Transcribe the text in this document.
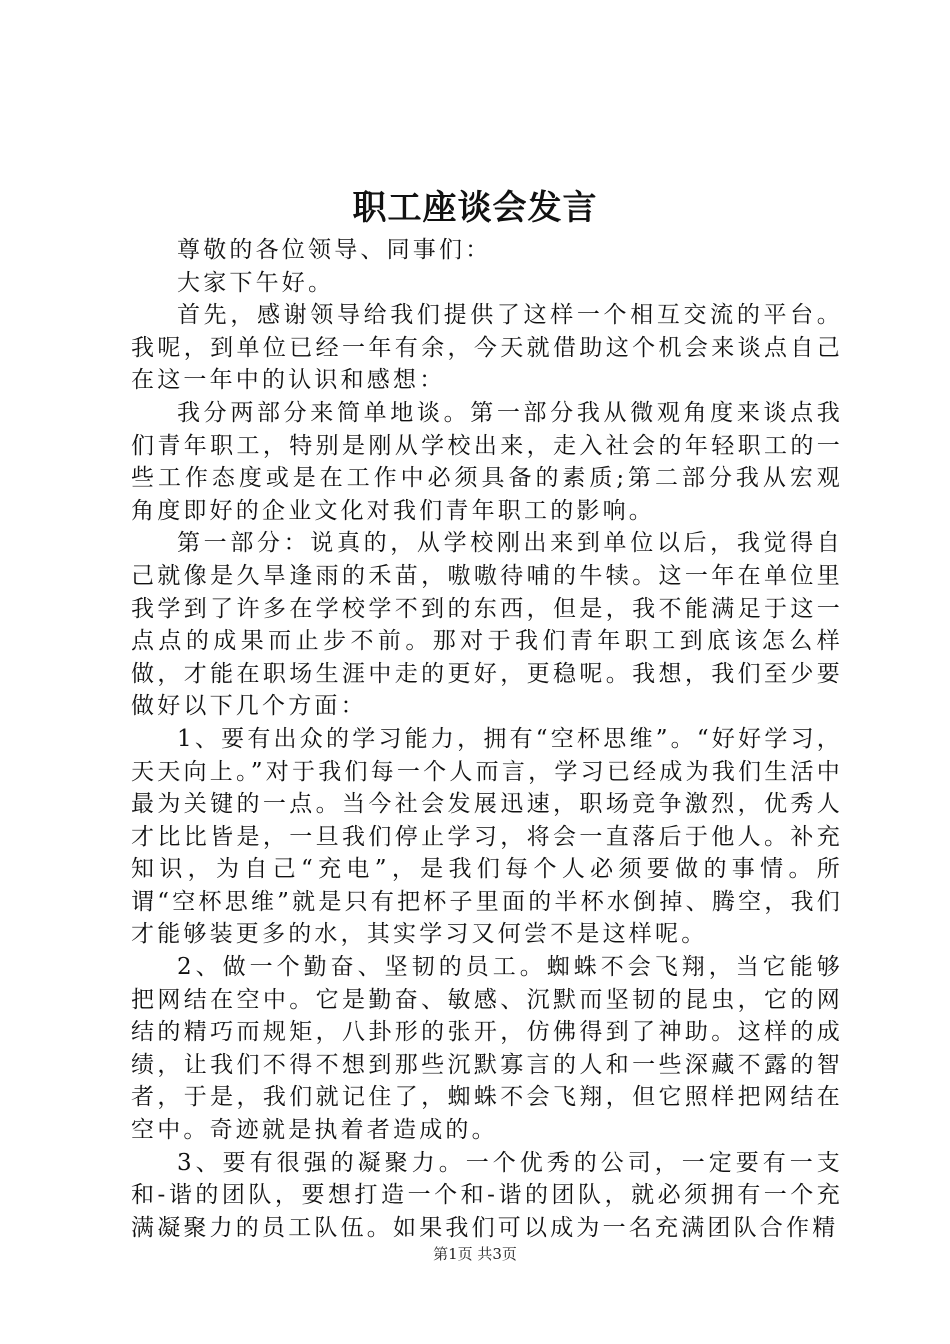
职工座谈会发言

尊敬的各位领导、同事们：

大家下午好。

首先，感谢领导给我们提供了这样一个相互交流的平台。我呢，到单位已经一年有余，今天就借助这个机会来谈点自己在这一年中的认识和感想：

我分两部分来简单地谈。第一部分我从微观角度来谈点我们青年职工，特别是刚从学校出来，走入社会的年轻职工的一些工作态度或是在工作中必须具备的素质;第二部分我从宏观角度即好的企业文化对我们青年职工的影响。

第一部分：说真的，从学校刚出来到单位以后，我觉得自己就像是久旱逢雨的禾苗，嗷嗷待哺的牛犊。这一年在单位里我学到了许多在学校学不到的东西，但是，我不能满足于这一点点的成果而止步不前。那对于我们青年职工到底该怎么样做，才能在职场生涯中走的更好，更稳呢。我想，我们至少要做好以下几个方面：

1、要有出众的学习能力，拥有“空杯思维”。“好好学习，天天向上。”对于我们每一个人而言，学习已经成为我们生活中最为关键的一点。当今社会发展迅速，职场竞争激烈，优秀人才比比皆是，一旦我们停止学习，将会一直落后于他人。补充知识，为自己“充电”，是我们每个人必须要做的事情。所谓“空杯思维”就是只有把杯子里面的半杯水倒掉、腾空，我们才能够装更多的水，其实学习又何尝不是这样呢。

2、做一个勤奋、坚韧的员工。蜘蛛不会飞翔，当它能够把网结在空中。它是勤奋、敏感、沉默而坚韧的昆虫，它的网结的精巧而规矩，八卦形的张开，仿佛得到了神助。这样的成绩，让我们不得不想到那些沉默寡言的人和一些深藏不露的智者，于是，我们就记住了，蜘蛛不会飞翔，但它照样把网结在空中。奇迹就是执着者造成的。

3、要有很强的凝聚力。一个优秀的公司，一定要有一支和-谐的团队，要想打造一个和-谐的团队，就必须拥有一个充满凝聚力的员工队伍。如果我们可以成为一名充满团队合作精

第1页 共3页
